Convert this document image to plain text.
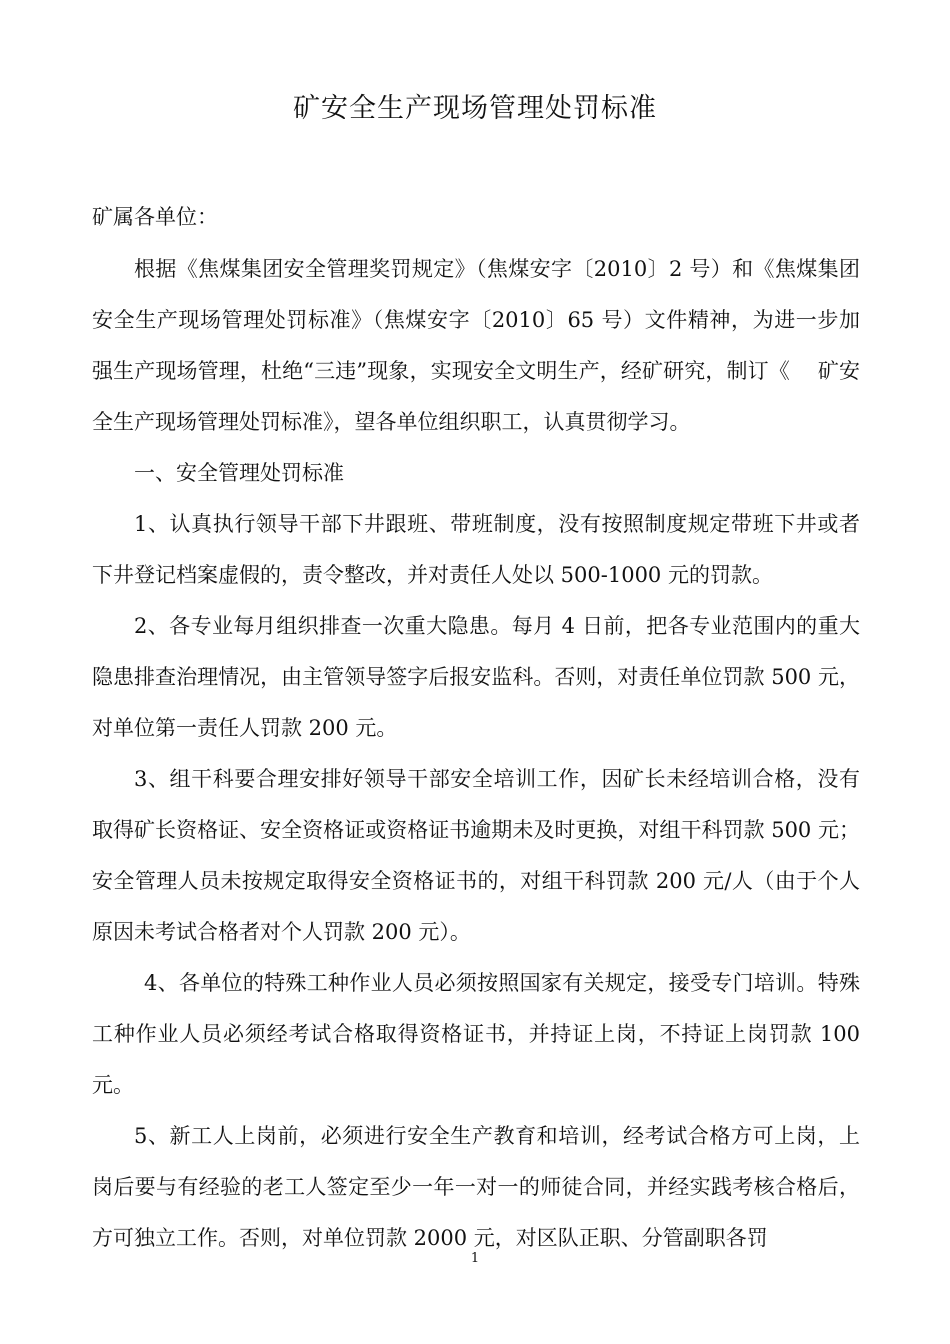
矿安全生产现场管理处罚标准

矿属各单位：

根据《焦煤集团安全管理奖罚规定》（焦煤安字〔2010〕2 号）和《焦煤集团安全生产现场管理处罚标准》（焦煤安字〔2010〕65 号）文件精神，为进一步加强生产现场管理，杜绝“三违”现象，实现安全文明生产，经矿研究，制订《　 矿安全生产现场管理处罚标准》，望各单位组织职工，认真贯彻学习。

一、安全管理处罚标准

1、认真执行领导干部下井跟班、带班制度，没有按照制度规定带班下井或者下井登记档案虚假的，责令整改，并对责任人处以 500-1000 元的罚款。

2、各专业每月组织排查一次重大隐患。每月 4 日前，把各专业范围内的重大隐患排查治理情况，由主管领导签字后报安监科。否则，对责任单位罚款 500 元，对单位第一责任人罚款 200 元。

3、组干科要合理安排好领导干部安全培训工作，因矿长未经培训合格，没有取得矿长资格证、安全资格证或资格证书逾期未及时更换，对组干科罚款 500 元；安全管理人员未按规定取得安全资格证书的，对组干科罚款 200 元/人（由于个人原因未考试合格者对个人罚款 200 元）。

4、各单位的特殊工种作业人员必须按照国家有关规定，接受专门培训。特殊工种作业人员必须经考试合格取得资格证书，并持证上岗，不持证上岗罚款 100 元。

5、新工人上岗前，必须进行安全生产教育和培训，经考试合格方可上岗，上岗后要与有经验的老工人签定至少一年一对一的师徒合同，并经实践考核合格后，方可独立工作。否则，对单位罚款 2000 元，对区队正职、分管副职各罚

1
